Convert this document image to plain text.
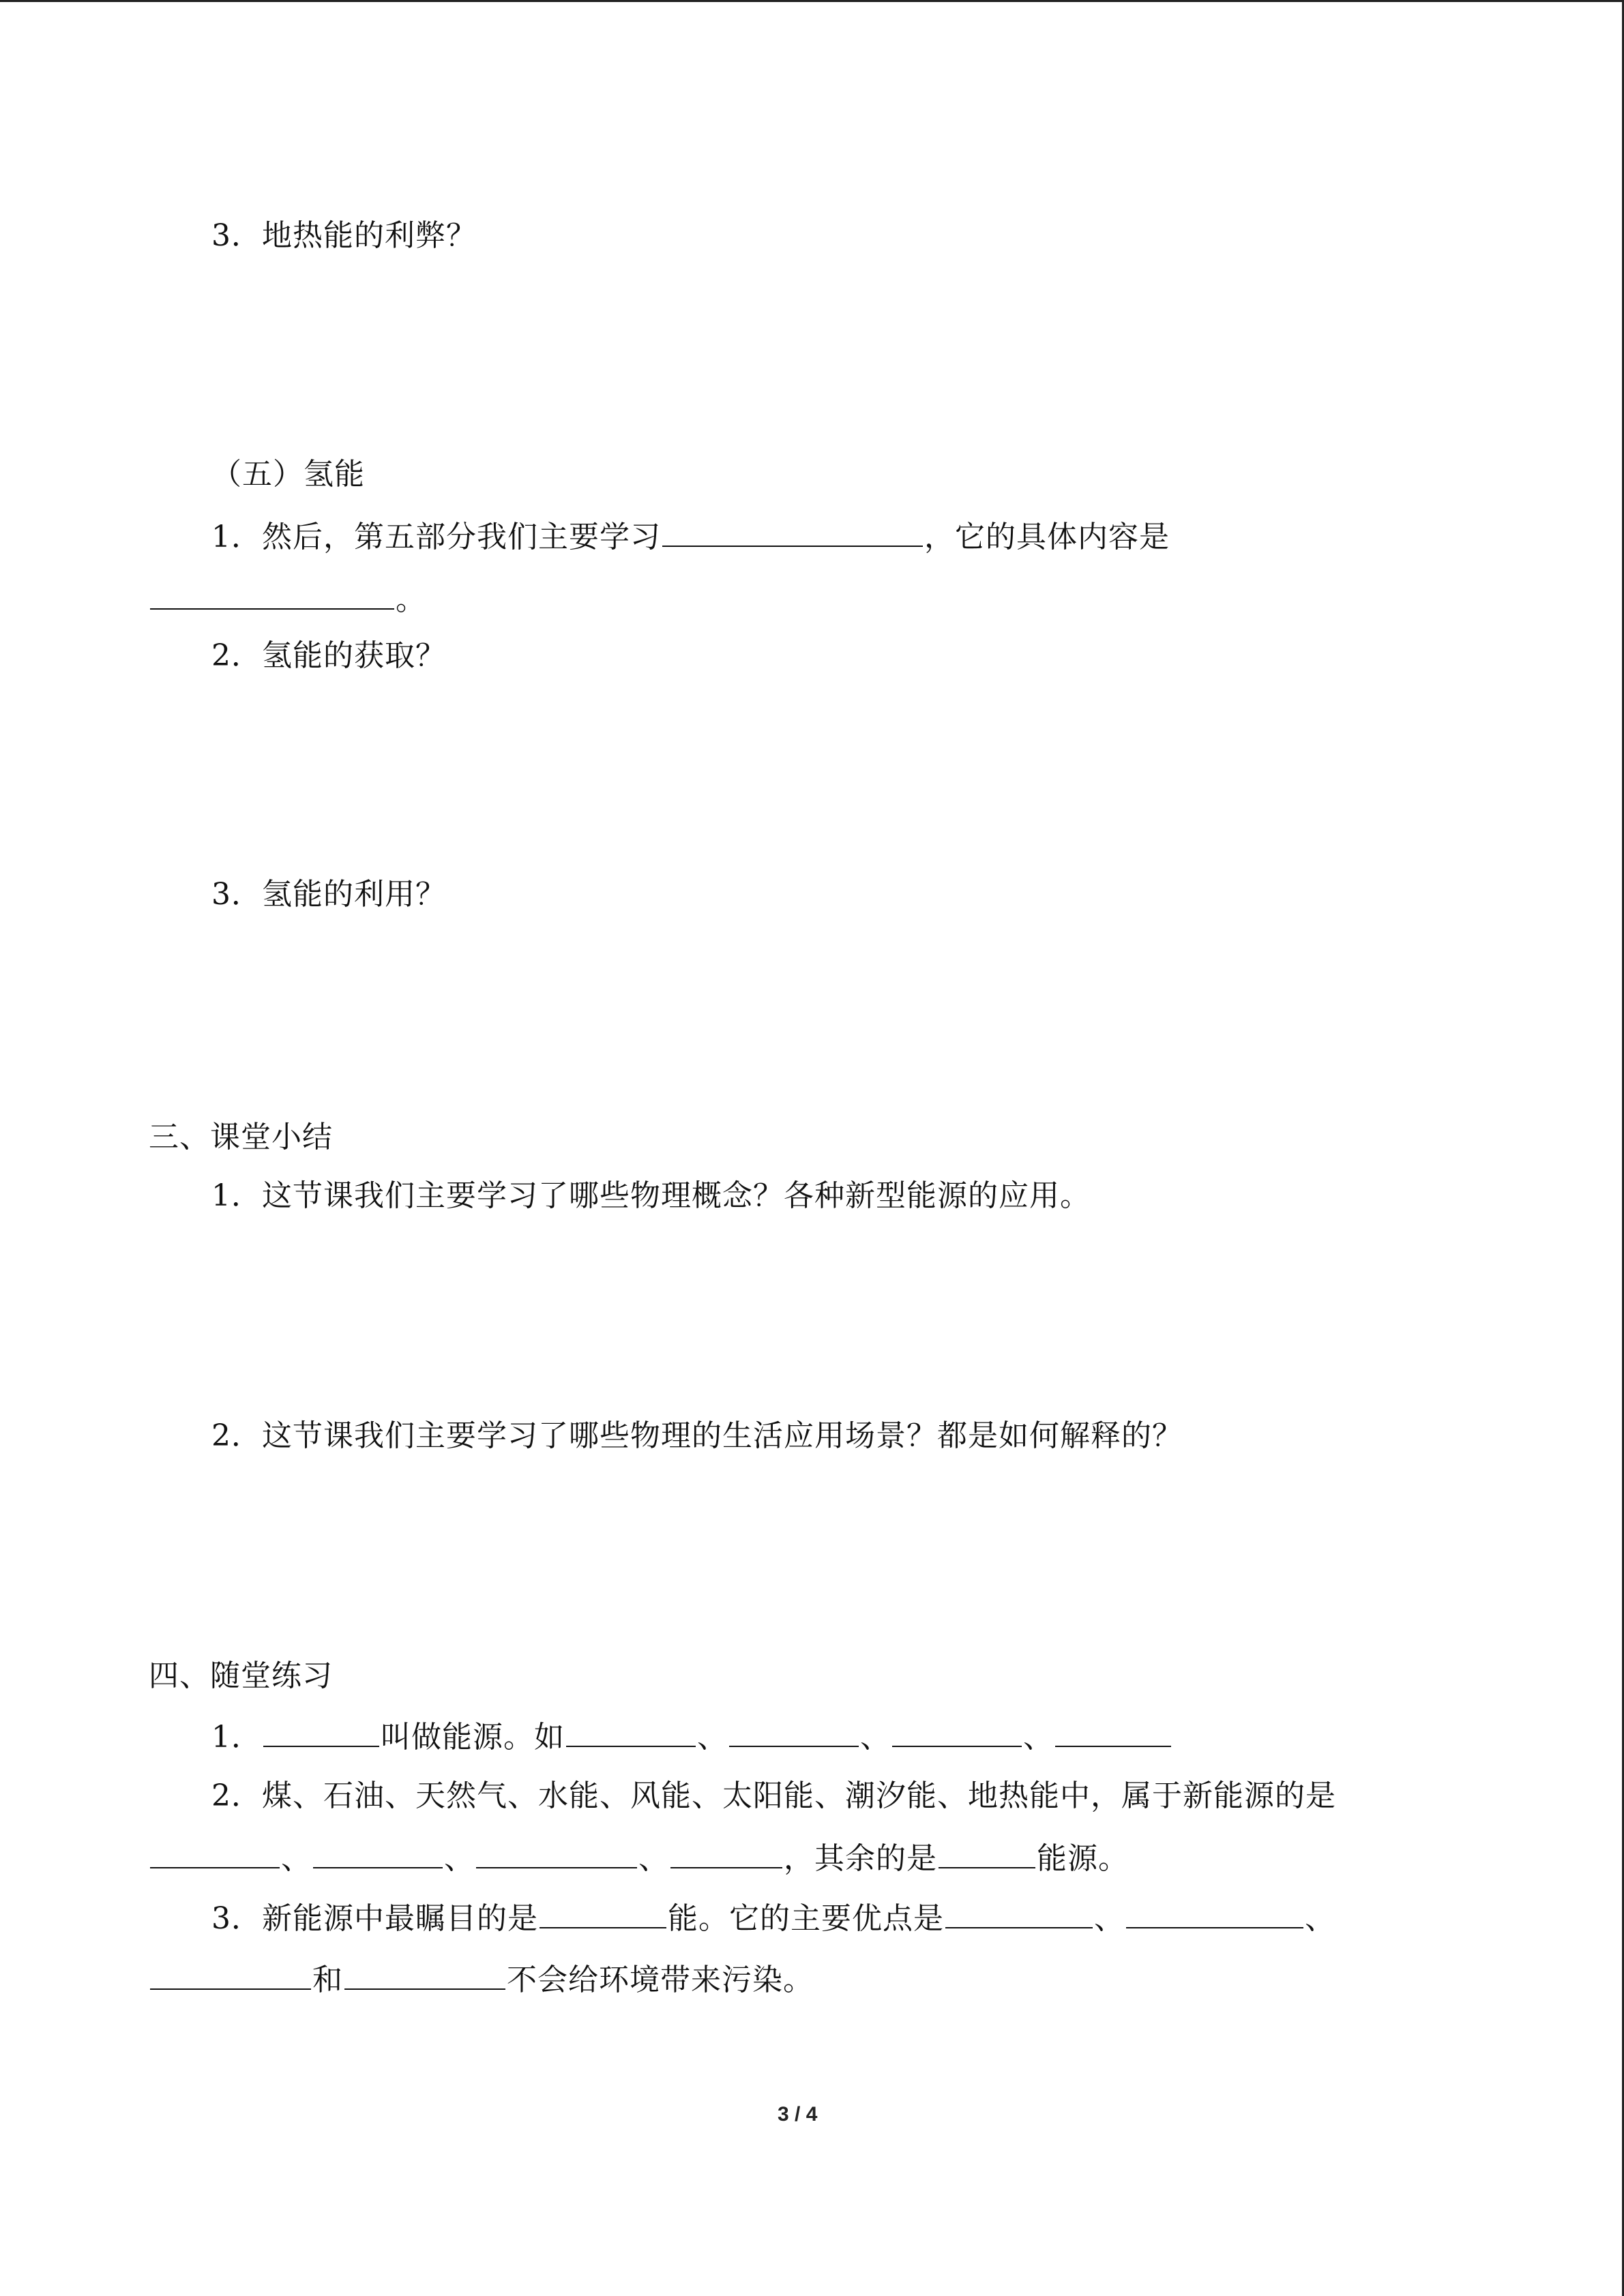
3．地热能的利弊？
（五）氢能
1．然后，第五部分我们主要学习	，它的具体内容是
。
2．氢能的获取？
3．氢能的利用？
三、课堂小结
1．这节课我们主要学习了哪些物理概念？各种新型能源的应用。
2．这节课我们主要学习了哪些物理的生活应用场景？都是如何解释的？
四、随堂练习
1．	叫做能源。如	、	、	、
2．煤、石油、天然气、水能、风能、太阳能、潮汐能、地热能中，属于新能源的是
、	、	、	，其余的是	能源。
3．新能源中最瞩目的是	能。它的主要优点是	、	、
和	不会给环境带来污染。
3 / 4
